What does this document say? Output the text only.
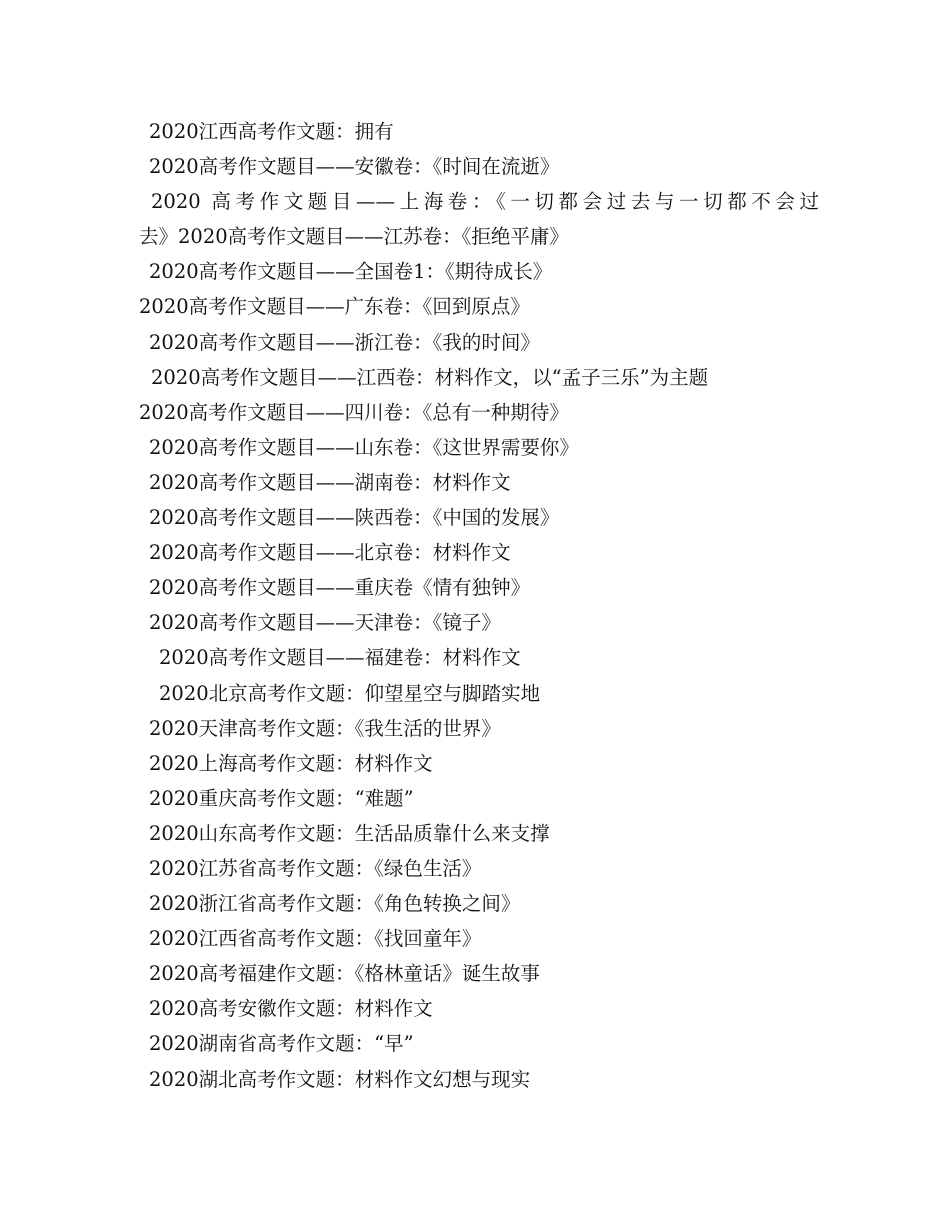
2020江西高考作文题：拥有
2020高考作文题目——安徽卷：《时间在流逝》
2020 高考作文题目——上海卷：《一切都会过去与一切都不会过
去》2020高考作文题目——江苏卷：《拒绝平庸》
2020高考作文题目——全国卷1：《期待成长》
2020高考作文题目——广东卷：《回到原点》
2020高考作文题目——浙江卷：《我的时间》
2020高考作文题目——江西卷：材料作文，以“孟子三乐”为主题
2020高考作文题目——四川卷：《总有一种期待》
2020高考作文题目——山东卷：《这世界需要你》
2020高考作文题目——湖南卷：材料作文
2020高考作文题目——陕西卷：《中国的发展》
2020高考作文题目——北京卷：材料作文
2020高考作文题目——重庆卷《情有独钟》
2020高考作文题目——天津卷：《镜子》
2020高考作文题目——福建卷：材料作文
2020北京高考作文题：仰望星空与脚踏实地
2020天津高考作文题：《我生活的世界》
2020上海高考作文题：材料作文
2020重庆高考作文题：“难题”
2020山东高考作文题：生活品质靠什么来支撑
2020江苏省高考作文题：《绿色生活》
2020浙江省高考作文题：《角色转换之间》
2020江西省高考作文题：《找回童年》
2020高考福建作文题：《格林童话》诞生故事
2020高考安徽作文题：材料作文
2020湖南省高考作文题：“早”
2020湖北高考作文题：材料作文幻想与现实
